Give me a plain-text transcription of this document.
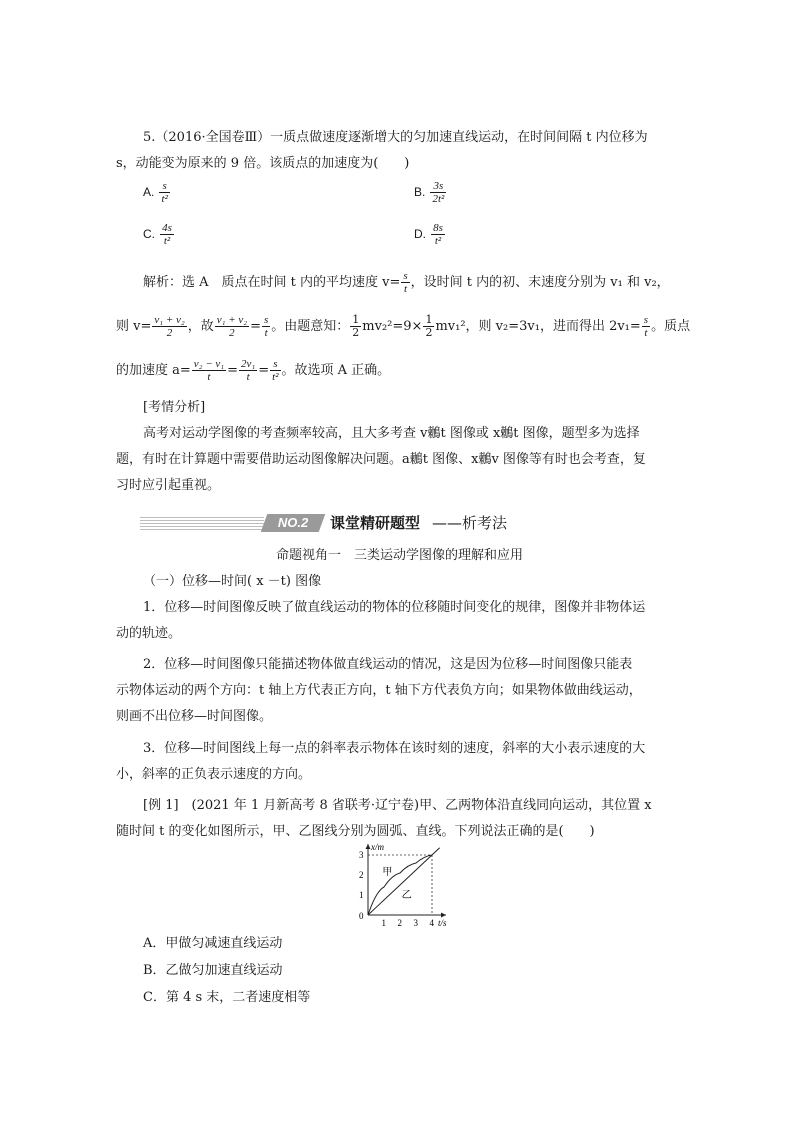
5.（2016·全国卷Ⅲ）一质点做速度逐渐增大的匀加速直线运动，在时间间隔 t 内位移为
s，动能变为原来的 9 倍。该质点的加速度为(　　)
A. $\frac{s}{\text{t²}}$	B. $\frac{3s}{\text{2t²}}$
C. $\frac{4s}{\text{t²}}$	D. $\frac{8s}{\text{t²}}$
解析：选 A　质点在时间 t 内的平均速度 $v= \frac{s}{t}$ ，设时间 t 内的初、末速度分别为 v₁ 和 v₂，
则 $v= \frac{\text{v₁ + v₂}}{2}$ ，故 $\frac{\text{v₁ + v₂}}{2} = \frac{s}{t}$ 。由题意知： $\frac{1}{2} mv_2^2=9\times \frac{1}{2} mv_1^2$，则 v₂=3v₁，进而得出 $2v_1= \frac{s}{t}$ 。质点
的加速度 $a= \frac{\text{v₂ − v₁}}{t} = \frac{\text{2v₁}}{t} = \frac{s}{\text{t²}}$ 。故选项 A 正确。
[考情分析]
高考对运动学图像的考查频率较高，且大多考查 v鶒t 图像或 x鶒t 图像，题型多为选择
题，有时在计算题中需要借助运动图像解决问题。a鶒t 图像、x鶒v 图像等有时也会考查，复
习时应引起重视。
NO.2	课堂精研题型 ——析考法
命题视角一　三类运动学图像的理解和应用
（一）位移—时间( x －t) 图像
1．位移—时间图像反映了做直线运动的物体的位移随时间变化的规律，图像并非物体运
动的轨迹。
2．位移—时间图像只能描述物体做直线运动的情况，这是因为位移—时间图像只能表
示物体运动的两个方向：t 轴上方代表正方向，t 轴下方代表负方向；如果物体做曲线运动，
则画不出位移—时间图像。
3．位移—时间图线上每一点的斜率表示物体在该时刻的速度，斜率的大小表示速度的大
小，斜率的正负表示速度的方向。
[例 1]　(2021 年 1 月新高考 8 省联考·辽宁卷)甲、乙两物体沿直线同向运动，其位置 x
随时间 t 的变化如图所示，甲、乙图线分别为圆弧、直线。下列说法正确的是(　　)
x/m
t/s
0
1 2 3 4
1
2
3
甲
乙
A．甲做匀减速直线运动
B．乙做匀加速直线运动
C．第 4 s 末，二者速度相等
